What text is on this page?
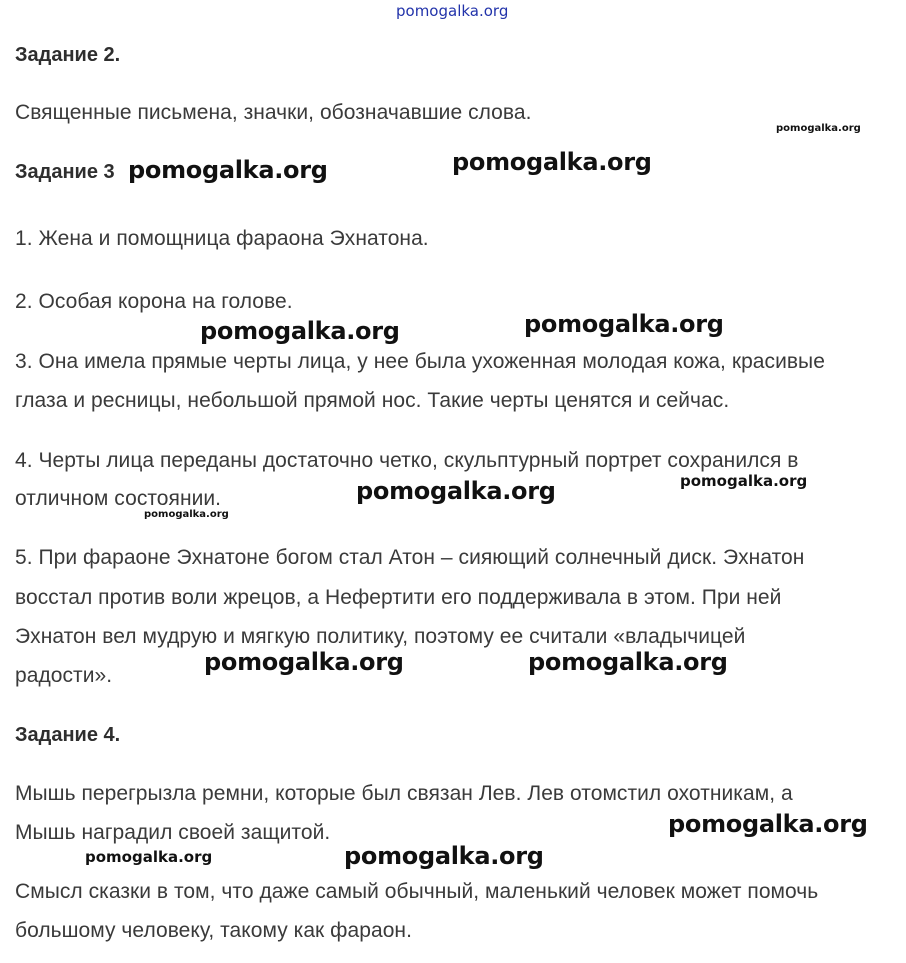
pomogalka.org
Задание 2.

Священные письмена, значки, обозначавшие слова.

Задание 3

1. Жена и помощница фараона Эхнатона.

2. Особая корона на голове.

3. Она имела прямые черты лица, у нее была ухоженная молодая кожа, красивые

глаза и ресницы, небольшой прямой нос. Такие черты ценятся и сейчас.

4. Черты лица переданы достаточно четко, скульптурный портрет сохранился в

отличном состоянии.

5. При фараоне Эхнатоне богом стал Атон – сияющий солнечный диск. Эхнатон

восстал против воли жрецов, а Нефертити его поддерживала в этом. При ней

Эхнатон вел мудрую и мягкую политику, поэтому ее считали «владычицей

радости».

Задание 4.

Мышь перегрызла ремни, которые был связан Лев. Лев отомстил охотникам, а

Мышь наградил своей защитой.

Смысл сказки в том, что даже самый обычный, маленький человек может помочь

большому человеку, такому как фараон.

pomogalka.org
pomogalka.org	pomogalka.org
pomogalka.org	pomogalka.org
pomogalka.org
pomogalka.org
pomogalka.org
pomogalka.org	pomogalka.org
pomogalka.org
pomogalka.org	pomogalka.org
